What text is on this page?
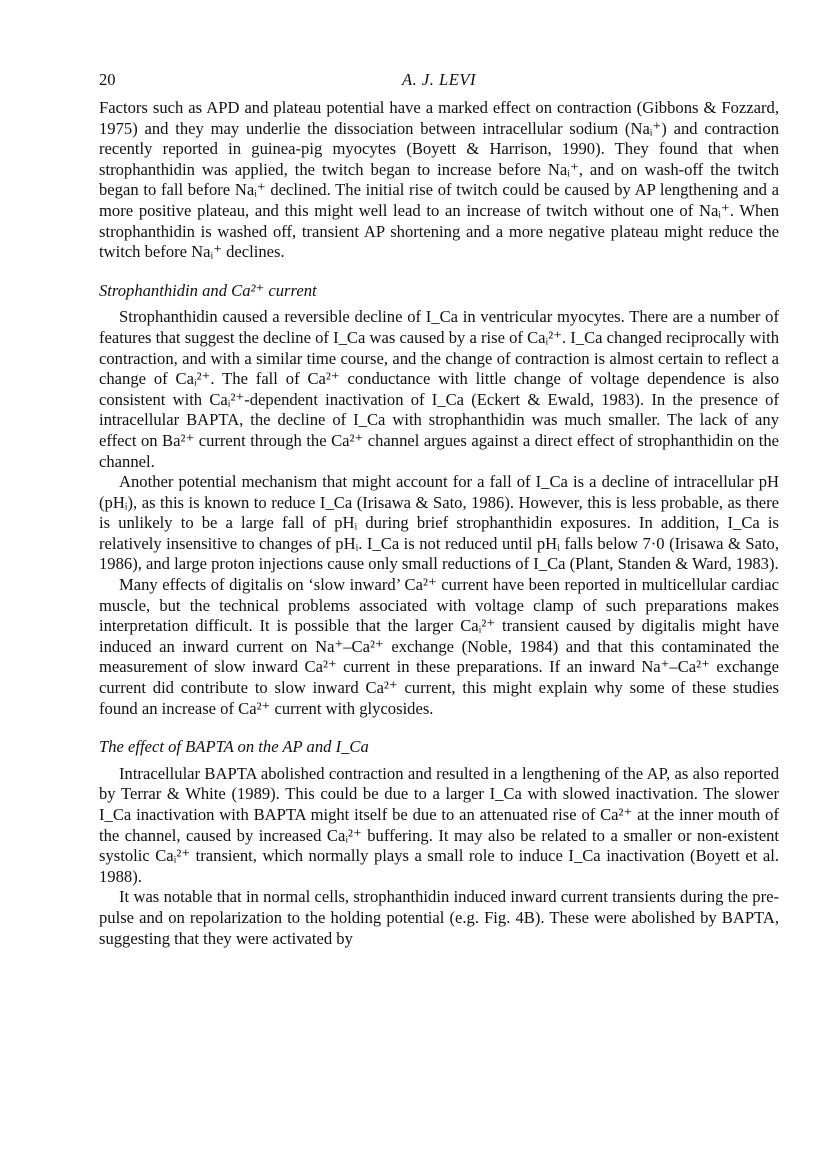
20	A. J. LEVI

Factors such as APD and plateau potential have a marked effect on contraction (Gibbons & Fozzard, 1975) and they may underlie the dissociation between intracellular sodium (Naᵢ⁺) and contraction recently reported in guinea-pig myocytes (Boyett & Harrison, 1990). They found that when strophanthidin was applied, the twitch began to increase before Naᵢ⁺, and on wash-off the twitch began to fall before Naᵢ⁺ declined. The initial rise of twitch could be caused by AP lengthening and a more positive plateau, and this might well lead to an increase of twitch without one of Naᵢ⁺. When strophanthidin is washed off, transient AP shortening and a more negative plateau might reduce the twitch before Naᵢ⁺ declines.

Strophanthidin and Ca²⁺ current

Strophanthidin caused a reversible decline of I_Ca in ventricular myocytes. There are a number of features that suggest the decline of I_Ca was caused by a rise of Caᵢ²⁺. I_Ca changed reciprocally with contraction, and with a similar time course, and the change of contraction is almost certain to reflect a change of Caᵢ²⁺. The fall of Ca²⁺ conductance with little change of voltage dependence is also consistent with Caᵢ²⁺-dependent inactivation of I_Ca (Eckert & Ewald, 1983). In the presence of intracellular BAPTA, the decline of I_Ca with strophanthidin was much smaller. The lack of any effect on Ba²⁺ current through the Ca²⁺ channel argues against a direct effect of strophanthidin on the channel.

Another potential mechanism that might account for a fall of I_Ca is a decline of intracellular pH (pHᵢ), as this is known to reduce I_Ca (Irisawa & Sato, 1986). However, this is less probable, as there is unlikely to be a large fall of pHᵢ during brief strophanthidin exposures. In addition, I_Ca is relatively insensitive to changes of pHᵢ. I_Ca is not reduced until pHᵢ falls below 7·0 (Irisawa & Sato, 1986), and large proton injections cause only small reductions of I_Ca (Plant, Standen & Ward, 1983).

Many effects of digitalis on ‘slow inward’ Ca²⁺ current have been reported in multicellular cardiac muscle, but the technical problems associated with voltage clamp of such preparations makes interpretation difficult. It is possible that the larger Caᵢ²⁺ transient caused by digitalis might have induced an inward current on Na⁺–Ca²⁺ exchange (Noble, 1984) and that this contaminated the measurement of slow inward Ca²⁺ current in these preparations. If an inward Na⁺–Ca²⁺ exchange current did contribute to slow inward Ca²⁺ current, this might explain why some of these studies found an increase of Ca²⁺ current with glycosides.

The effect of BAPTA on the AP and I_Ca

Intracellular BAPTA abolished contraction and resulted in a lengthening of the AP, as also reported by Terrar & White (1989). This could be due to a larger I_Ca with slowed inactivation. The slower I_Ca inactivation with BAPTA might itself be due to an attenuated rise of Ca²⁺ at the inner mouth of the channel, caused by increased Caᵢ²⁺ buffering. It may also be related to a smaller or non-existent systolic Caᵢ²⁺ transient, which normally plays a small role to induce I_Ca inactivation (Boyett et al. 1988).

It was notable that in normal cells, strophanthidin induced inward current transients during the pre-pulse and on repolarization to the holding potential (e.g. Fig. 4B). These were abolished by BAPTA, suggesting that they were activated by
